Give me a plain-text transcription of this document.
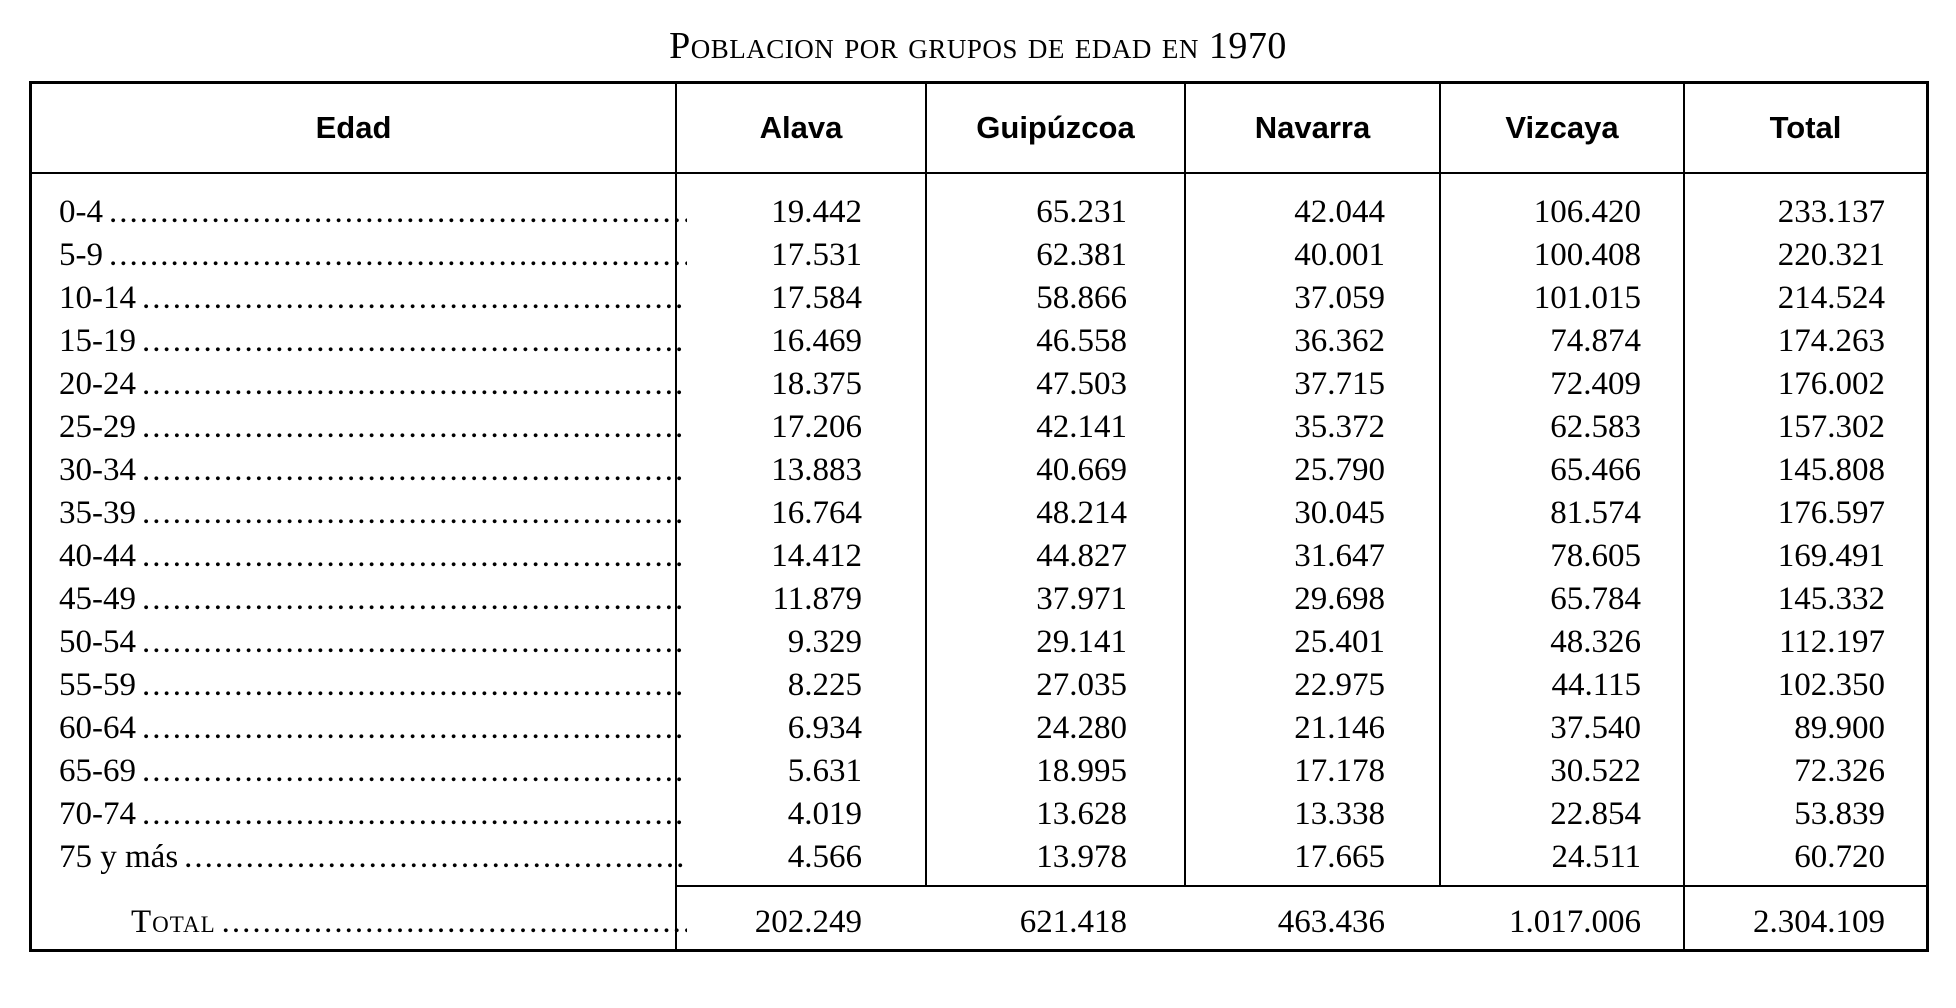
Poblacion por grupos de edad en 1970
Edad	Alava	Guipúzcoa	Navarra	Vizcaya	Total
0-4 .....	19.442	65.231	42.044	106.420	233.137
5-9 .....	17.531	62.381	40.001	100.408	220.321
10-14 .....	17.584	58.866	37.059	101.015	214.524
15-19 .....	16.469	46.558	36.362	74.874	174.263
20-24 .....	18.375	47.503	37.715	72.409	176.002
25-29 .....	17.206	42.141	35.372	62.583	157.302
30-34 .....	13.883	40.669	25.790	65.466	145.808
35-39 .....	16.764	48.214	30.045	81.574	176.597
40-44 .....	14.412	44.827	31.647	78.605	169.491
45-49 .....	11.879	37.971	29.698	65.784	145.332
50-54 .....	9.329	29.141	25.401	48.326	112.197
55-59 .....	8.225	27.035	22.975	44.115	102.350
60-64 .....	6.934	24.280	21.146	37.540	89.900
65-69 .....	5.631	18.995	17.178	30.522	72.326
70-74 .....	4.019	13.628	13.338	22.854	53.839
75 y más .....	4.566	13.978	17.665	24.511	60.720
Total .....	202.249	621.418	463.436	1.017.006	2.304.109
